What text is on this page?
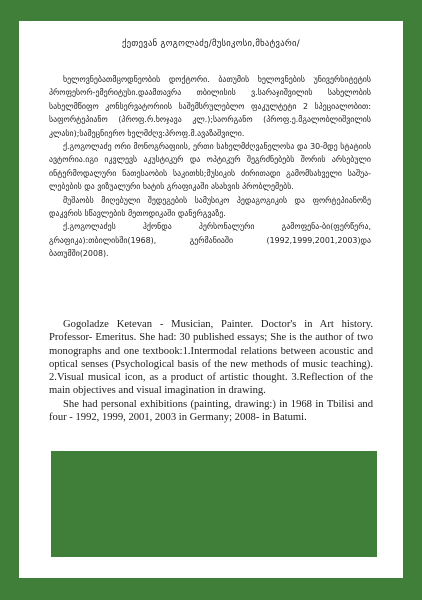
ქეთევან გოგოლაძე/მუსიკოსი,მხატვარი/

ხელოვნებათმცოდნეობის დოქტორი. ბათუმის ხელოვნების უნივერსიტეტის პროფესორ-ემერიტუსი.დაამთავრა თბილისის ვ.სარაჯიშვილის სახელობის სახელმწიფო კონსერვატორიის საშემსრულებლო ფაკულტეტი 2 სპეციალობით: საფორტეპიანო (პროფ.რ.ხოჯავა კლ.);საორგანო (პროფ.ე.მგალობლიშვილის კლასი);სამეცნიერო ხელმძღვ:პროფ.მ.ავაზაშვილი.

ქ.გოგოლაძე ორი მონოგრაფიის, ერთი სახელმძღვანელოსა და 30-მდე სტატიის ავტორია.იგი იკვლევს აკუსტიკურ და ოპტიკურ შეგრძნებებს შორის არსებული ინტერმოდალური ნათესაობის საკითხს;მუსიკის ძირითადი გამომსახველი საშუა-ლებების და ვიზუალური ხატის გრაფიკაში ასახვის პრობლემებს.

მუშაობს მიღებული შედეგების სამუსიკო პედაგოგიკის და ფორტეპიანოზე დაკვრის სწავლების მეთოდიკაში დანერგვაზე.

ქ.გოგოლაძეს ჰქონდა პერსონალური გამოფენა-ბი(ფერწერა, გრაფიკა):თბილისში(1968), გერმანიაში (1992,1999,2001,2003)და ბათუმში(2008).

Gogoladze Ketevan - Musician, Painter. Doctor's in Art history. Professor- Emeritus. She had: 30 published essays; She is the author of two monographs and one textbook:1.Intermodal relations between acoustic and optical senses (Psychological basis of the new methods of music teaching). 2.Visual musical icon, as a product of artistic thought. 3.Reflection of the main objectives and visual imagination in drawing.

She had personal exhibitions (painting, drawing:) in 1968 in Tbilisi and four - 1992, 1999, 2001, 2003 in Germany; 2008- in Batumi.

batu.edu.ge
